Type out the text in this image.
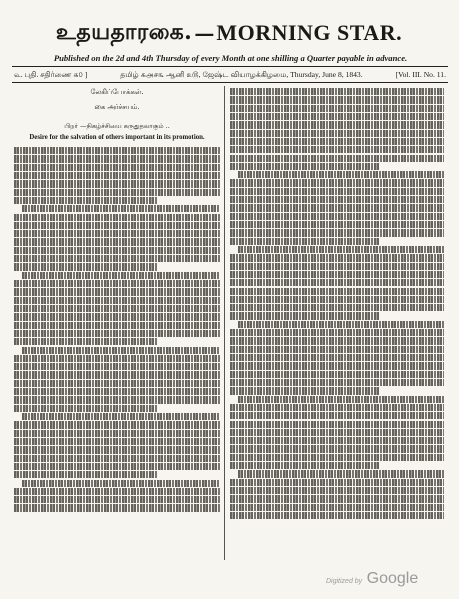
உதயதாரகை. — MORNING STAR.
Published on the 2d and 4th Thursday of every Month at one shilling a Quarter payable in advance.
௳. புதி. சதிர்ணை ௧௦ ]	தமிழ் ௧௮௪௩ ஆனி ௨௫, ஜேஷ்ட வியாழக்கிழமை, Thursday, June 8, 1843.	[Vol. III. No. 11.
லேகிப்போக்கள்.
கை அர்ச்சயம்.
பிறர் —நிகழ்ச்சியை கருதுதலாகும் ..
Desire for the salvation of others important in its promotion.
Digitized by Google
